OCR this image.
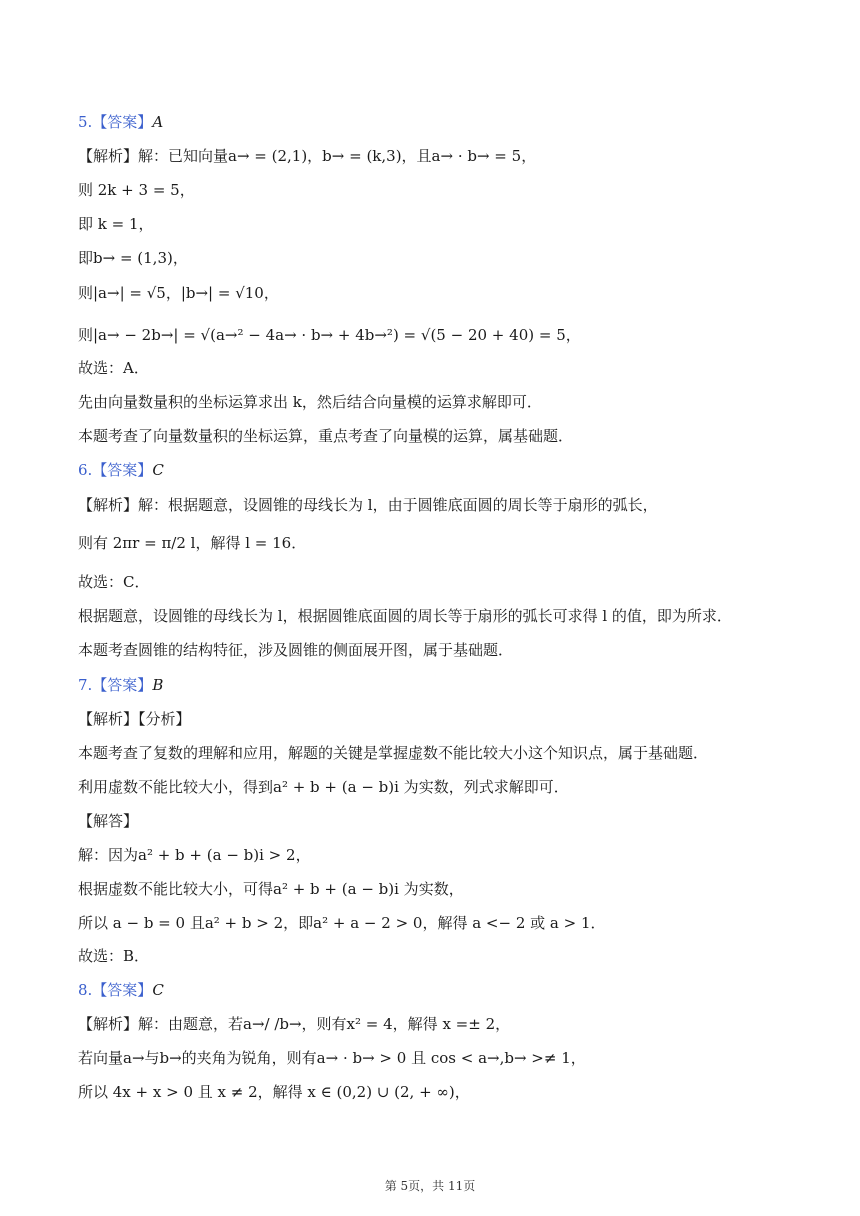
5.【答案】A
【解析】解：已知向量a→ = (2,1)，b→ = (k,3)，且a→ · b→ = 5，
则 2k + 3 = 5，
即 k = 1，
即b→ = (1,3)，
则|a→| = √5，|b→| = √10，
则|a→ − 2b→| = √(a→² − 4a→ · b→ + 4b→²) = √(5 − 20 + 40) = 5，
故选：A．
先由向量数量积的坐标运算求出 k，然后结合向量模的运算求解即可．
本题考查了向量数量积的坐标运算，重点考查了向量模的运算，属基础题．
6.【答案】C
【解析】解：根据题意，设圆锥的母线长为 l，由于圆锥底面圆的周长等于扇形的弧长，
则有 2πr = π/2 l，解得 l = 16．
故选：C．
根据题意，设圆锥的母线长为 l，根据圆锥底面圆的周长等于扇形的弧长可求得 l 的值，即为所求．
本题考查圆锥的结构特征，涉及圆锥的侧面展开图，属于基础题．
7.【答案】B
【解析】【分析】
本题考查了复数的理解和应用，解题的关键是掌握虚数不能比较大小这个知识点，属于基础题．
利用虚数不能比较大小，得到a² + b + (a − b)i 为实数，列式求解即可．
【解答】
解：因为a² + b + (a − b)i > 2，
根据虚数不能比较大小，可得a² + b + (a − b)i 为实数，
所以 a − b = 0 且a² + b > 2，即a² + a − 2 > 0，解得 a <− 2 或 a > 1．
故选：B．
8.【答案】C
【解析】解：由题意，若a→/ /b→，则有x² = 4，解得 x =± 2，
若向量a→与b→的夹角为锐角，则有a→ · b→ > 0 且 cos < a→,b→ >≠ 1，
所以 4x + x > 0 且 x ≠ 2，解得 x ∈ (0,2) ∪ (2, + ∞)，
第 5页，共 11页
